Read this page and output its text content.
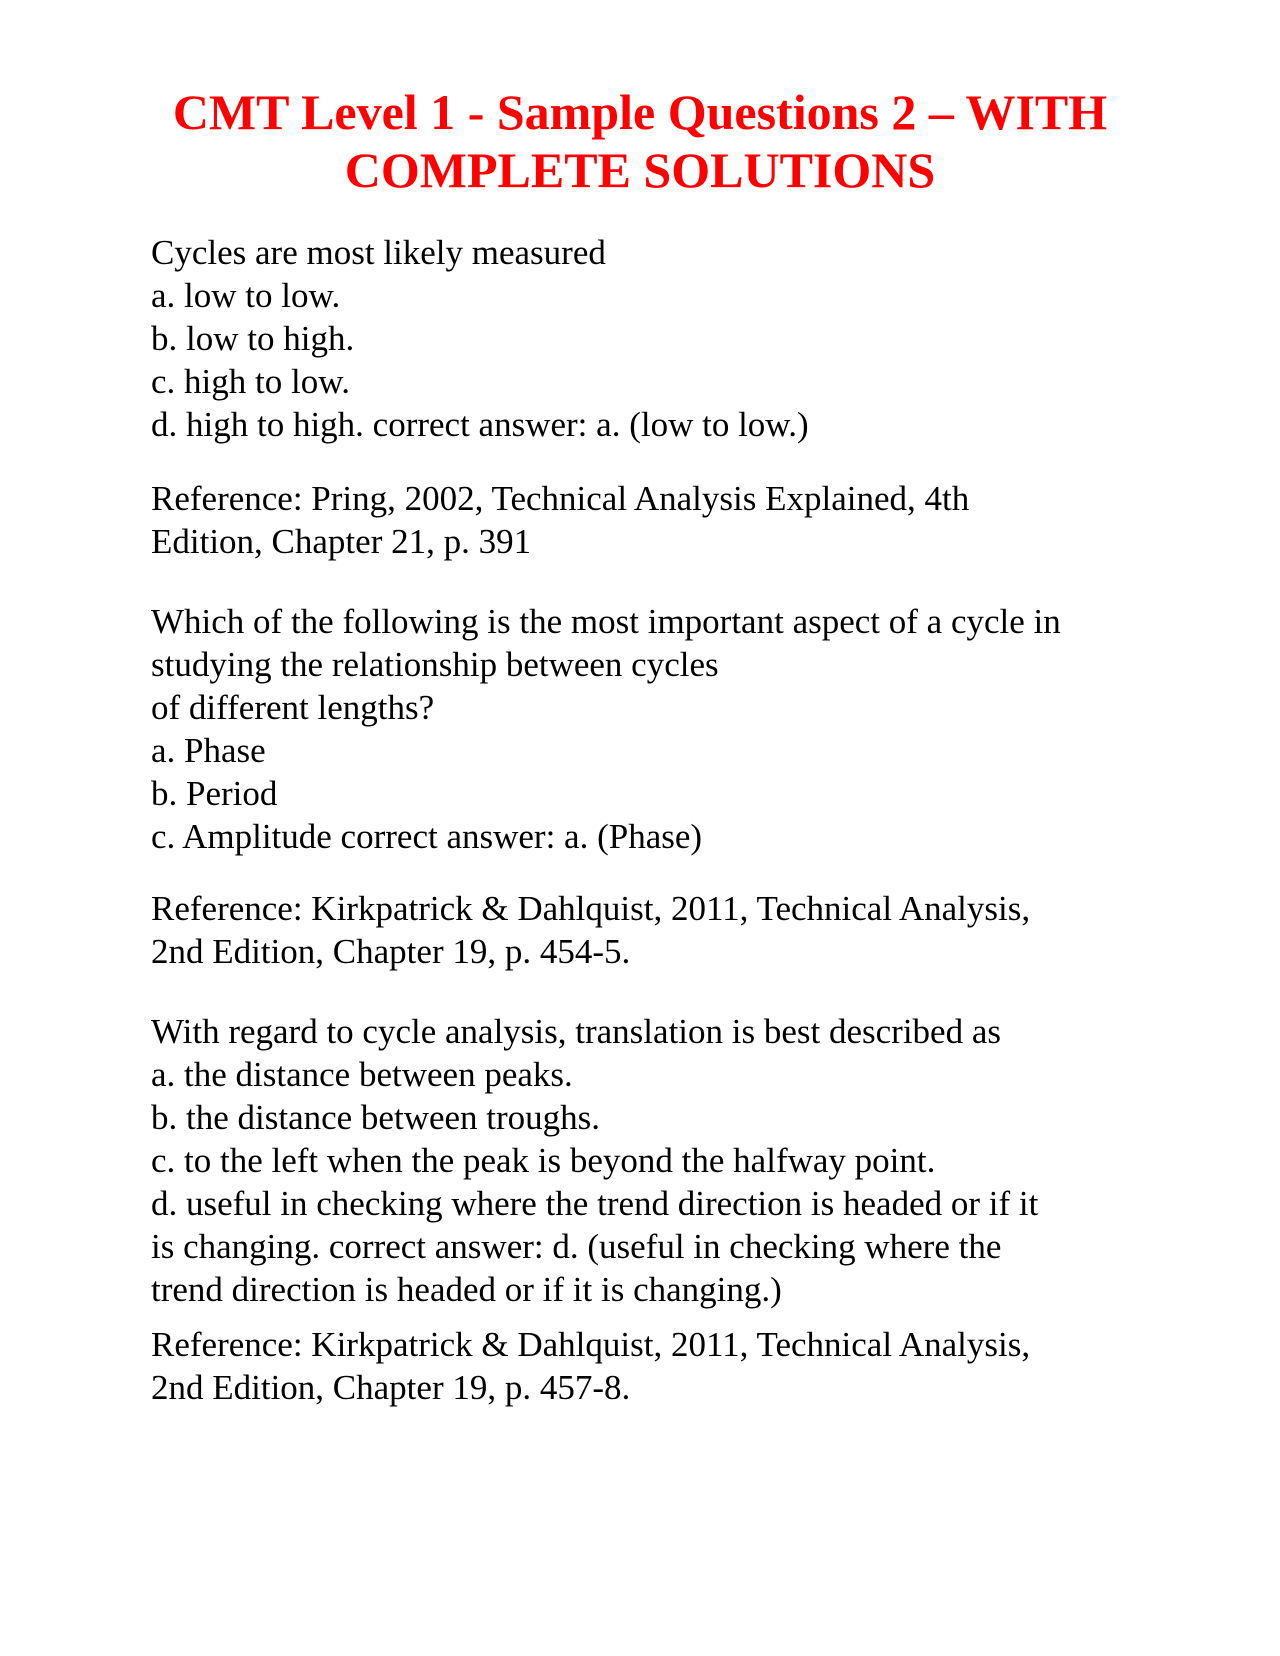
CMT Level 1 - Sample Questions 2 – WITH
COMPLETE SOLUTIONS
Cycles are most likely measured
a. low to low.
b. low to high.
c. high to low.
d. high to high. correct answer: a. (low to low.)
Reference: Pring, 2002, Technical Analysis Explained, 4th
Edition, Chapter 21, p. 391
Which of the following is the most important aspect of a cycle in
studying the relationship between cycles
of different lengths?
a. Phase
b. Period
c. Amplitude correct answer: a. (Phase)
Reference: Kirkpatrick & Dahlquist, 2011, Technical Analysis,
2nd Edition, Chapter 19, p. 454-5.
With regard to cycle analysis, translation is best described as
a. the distance between peaks.
b. the distance between troughs.
c. to the left when the peak is beyond the halfway point.
d. useful in checking where the trend direction is headed or if it
is changing. correct answer: d. (useful in checking where the
trend direction is headed or if it is changing.)
Reference: Kirkpatrick & Dahlquist, 2011, Technical Analysis,
2nd Edition, Chapter 19, p. 457-8.
